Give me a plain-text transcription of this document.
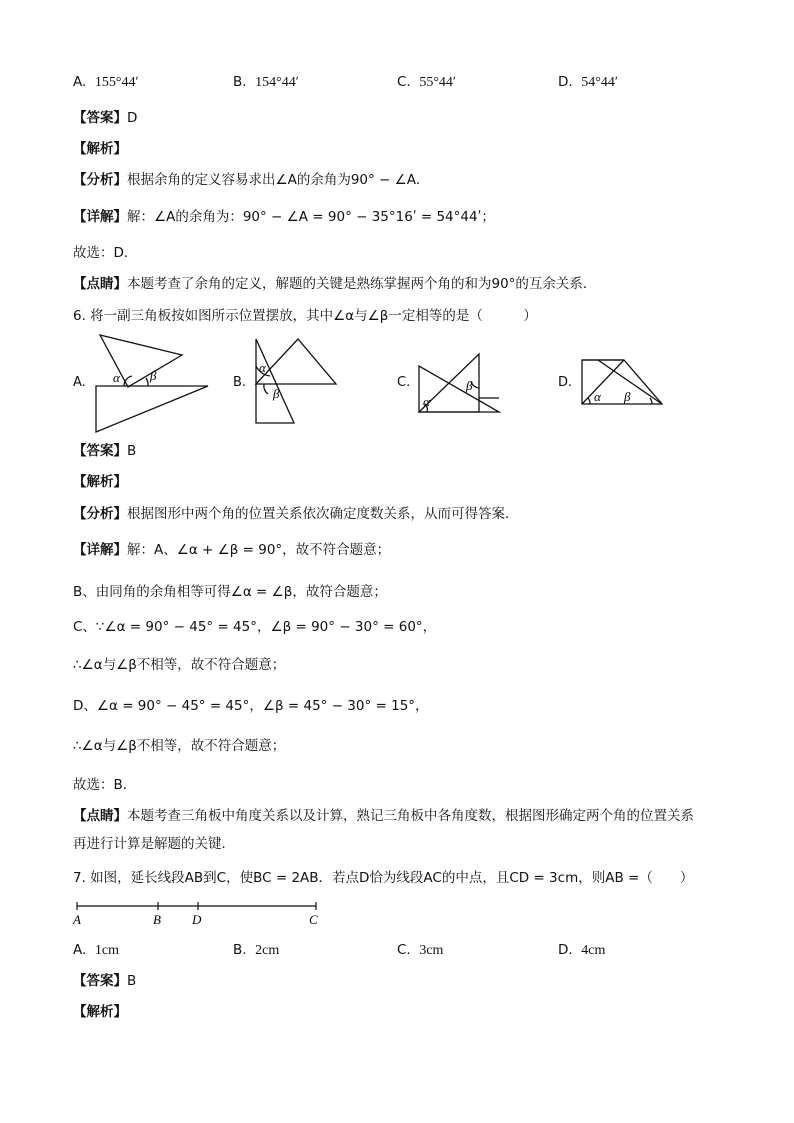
A. 155°44ʹ	B. 154°44ʹ	C. 55°44ʹ	D. 54°44ʹ
【答案】D
【解析】
【分析】根据余角的定义容易求出∠A的余角为90° − ∠A．
【详解】解：∠A的余角为：90° − ∠A = 90° − 35°16ʹ = 54°44ʹ；
故选：D．
【点睛】本题考查了余角的定义，解题的关键是熟练掌握两个角的和为90°的互余关系．
6. 将一副三角板按如图所示位置摆放，其中∠α与∠β一定相等的是（　　　）
A. α β	B.
α
β
C.
α
β	D.
α β
【答案】B
【解析】
【分析】根据图形中两个角的位置关系依次确定度数关系，从而可得答案．
【详解】解：A、∠α + ∠β = 90°，故不符合题意；
B、由同角的余角相等可得∠α = ∠β，故符合题意；
C、∵∠α = 90° − 45° = 45°，∠β = 90° − 30° = 60°，
∴∠α与∠β不相等，故不符合题意；
D、∠α = 90° − 45° = 45°，∠β = 45° − 30° = 15°，
∴∠α与∠β不相等，故不符合题意；
故选：B．
【点睛】本题考查三角板中角度关系以及计算，熟记三角板中各角度数，根据图形确定两个角的位置关系
再进行计算是解题的关键．
7. 如图，延长线段AB到C，使BC = 2AB．若点D恰为线段AC的中点，且CD = 3cm，则AB =（　　）
A	B D	C
A. 1cm	B. 2cm	C. 3cm	D. 4cm
【答案】B
【解析】
